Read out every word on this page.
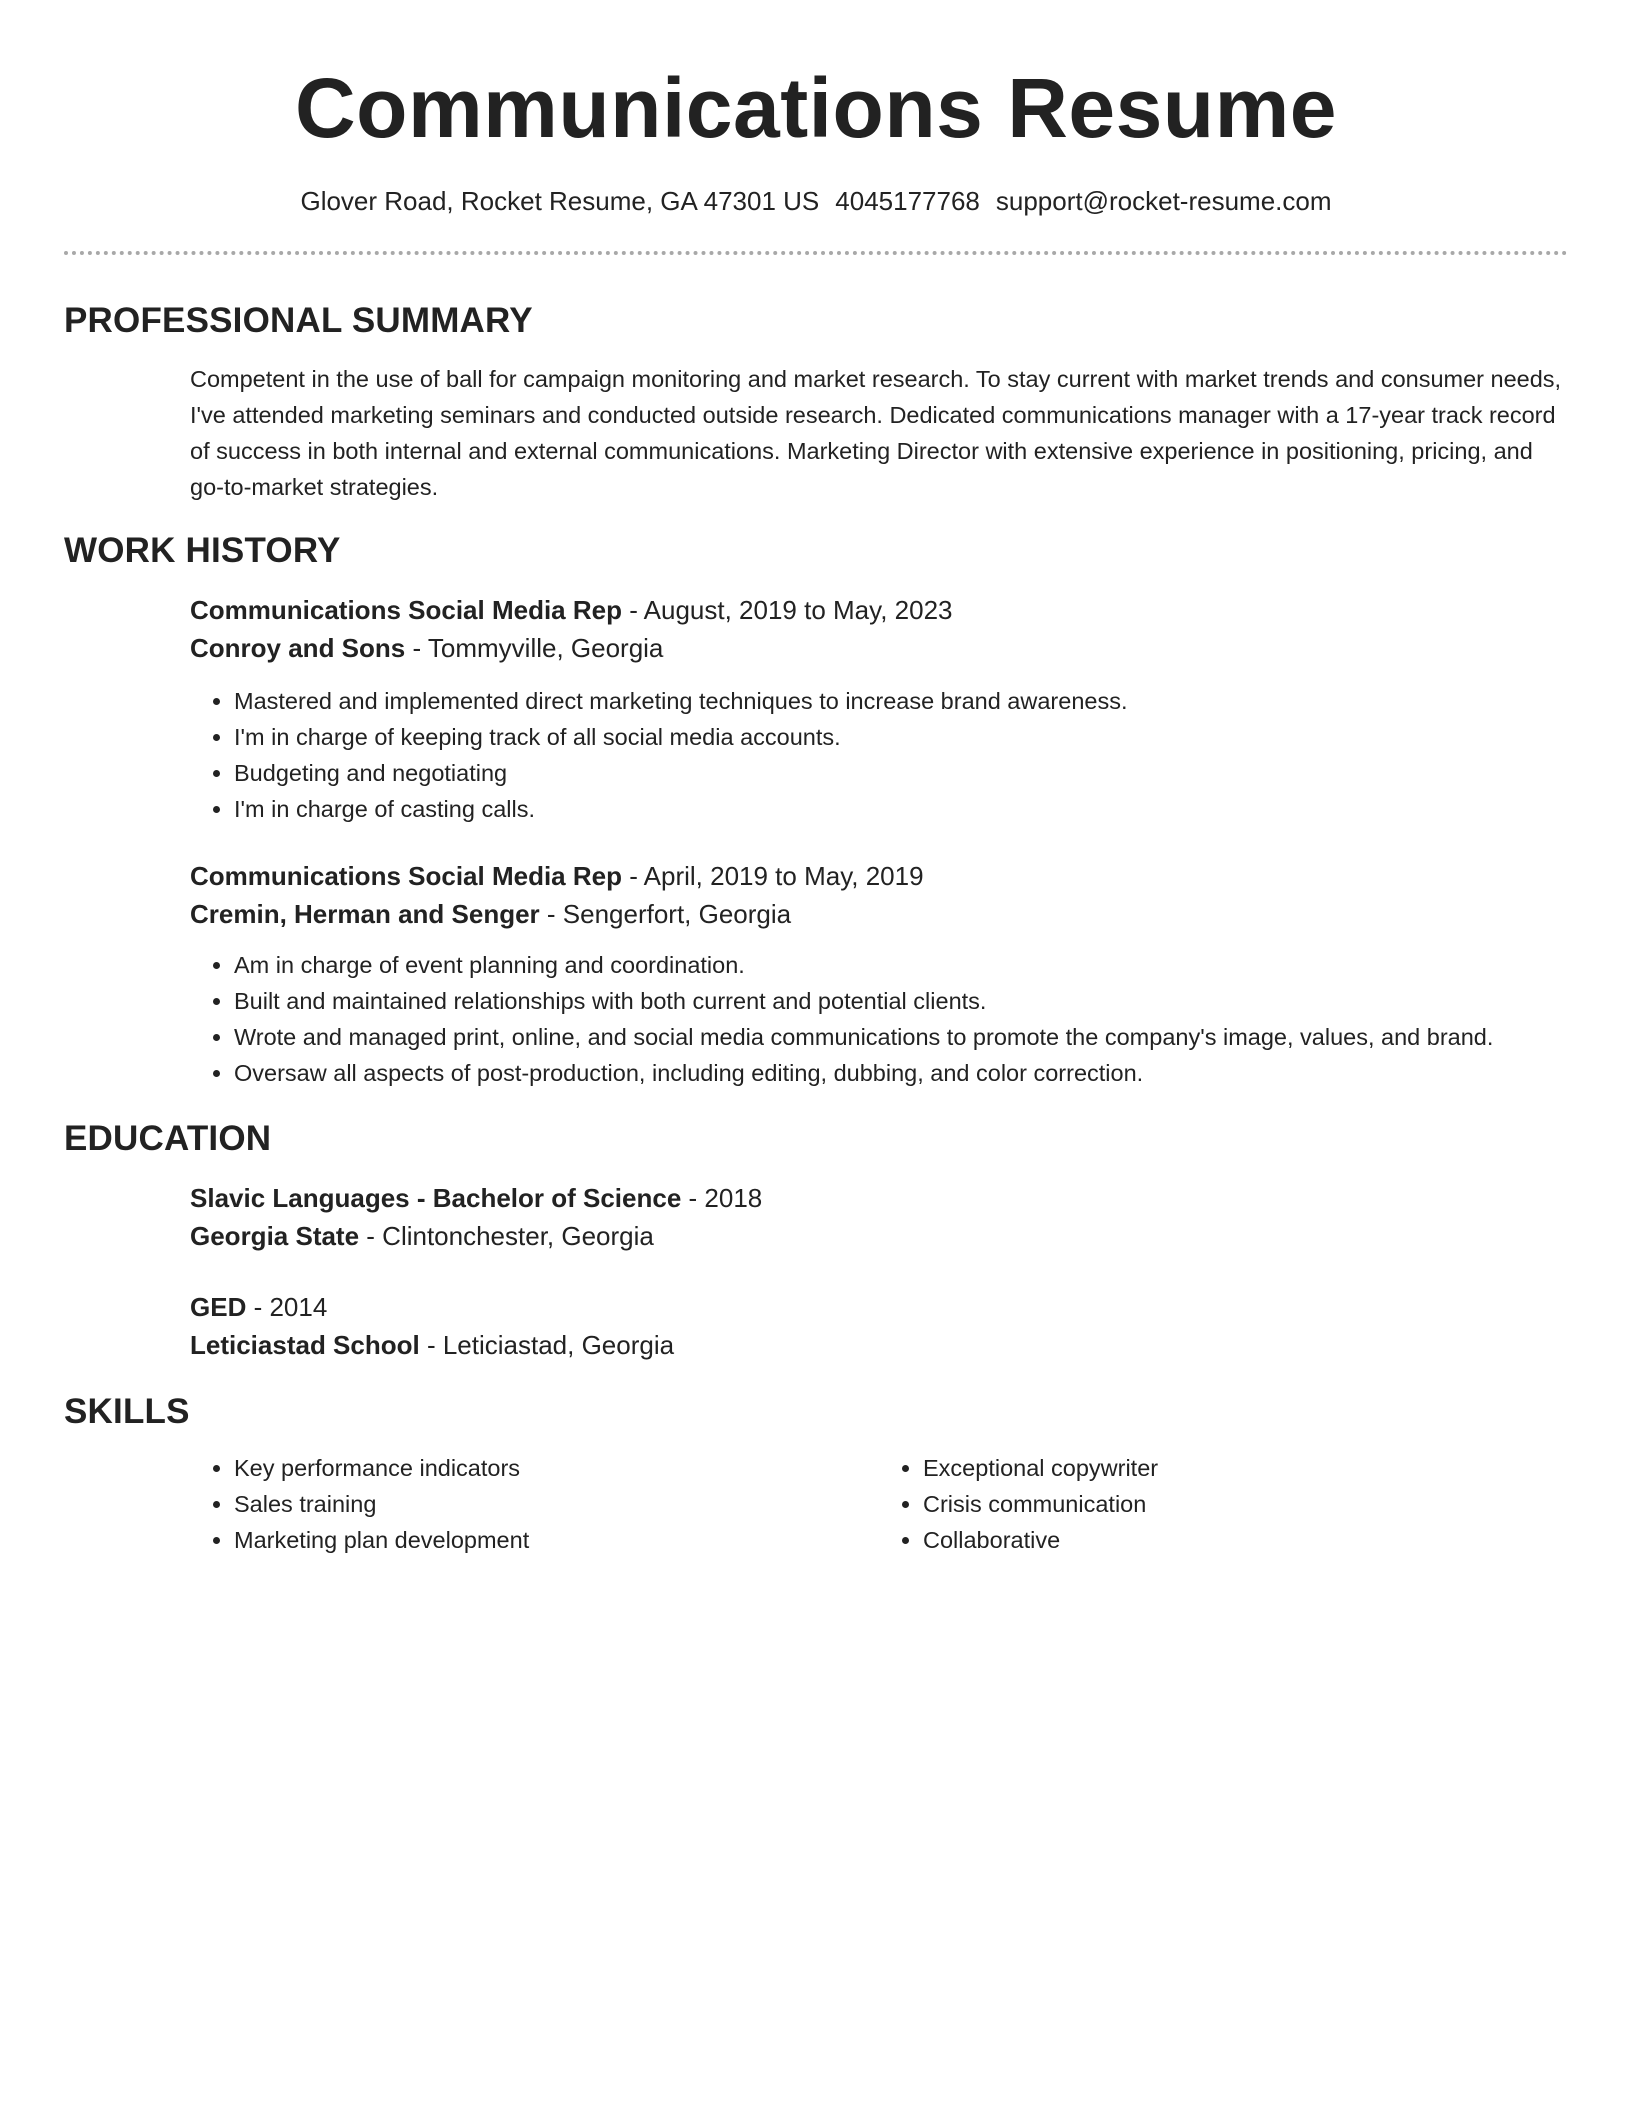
Communications Resume
Glover Road, Rocket Resume, GA 47301 US 4045177768 support@rocket-resume.com
PROFESSIONAL SUMMARY

Competent in the use of ball for campaign monitoring and market research. To stay current with market trends and consumer needs, I've attended marketing seminars and conducted outside research. Dedicated communications manager with a 17-year track record of success in both internal and external communications. Marketing Director with extensive experience in positioning, pricing, and go-to-market strategies.

WORK HISTORY
Communications Social Media Rep - August, 2019 to May, 2023
Conroy and Sons - Tommyville, Georgia
• Mastered and implemented direct marketing techniques to increase brand awareness.
• I'm in charge of keeping track of all social media accounts.
• Budgeting and negotiating
• I'm in charge of casting calls.
Communications Social Media Rep - April, 2019 to May, 2019
Cremin, Herman and Senger - Sengerfort, Georgia
• Am in charge of event planning and coordination.
• Built and maintained relationships with both current and potential clients.
• Wrote and managed print, online, and social media communications to promote the company's image, values, and brand.
• Oversaw all aspects of post-production, including editing, dubbing, and color correction.
EDUCATION
Slavic Languages - Bachelor of Science - 2018
Georgia State - Clintonchester, Georgia
GED - 2014
Leticiastad School - Leticiastad, Georgia
SKILLS
• Key performance indicators
• Sales training
• Marketing plan development
• Exceptional copywriter
• Crisis communication
• Collaborative
